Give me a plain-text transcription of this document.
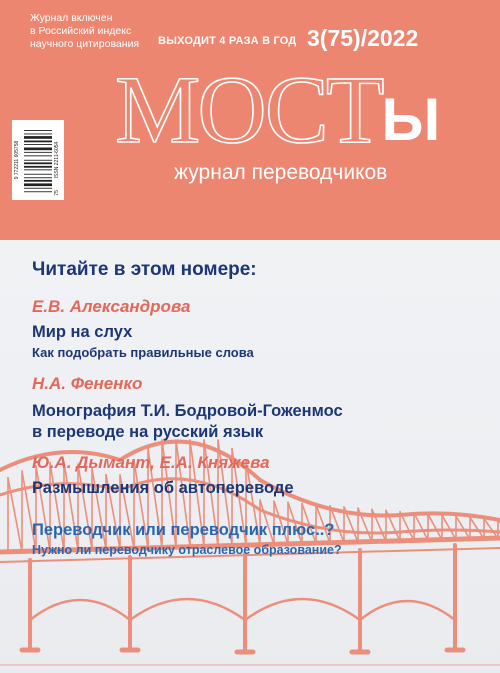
Журнал включен
в Российский индекс
научного цитирования	ВЫХОДИТ 4 РАЗА В ГОД 3(75)/2022
ISSN 2211-6054
9 772211 605758
75
МОСТЫ
журнал переводчиков
Читайте в этом номере:
Е.В. Александрова
Мир на слух
Как подобрать правильные слова
Н.А. Фененко
Монография Т.И. Бодровой-Гоженмос
в переводе на русский язык
Ю.А. Дымант, Е.А. Княжева
Размышления об автопереводе
Переводчик или переводчик плюс..?
Нужно ли переводчику отраслевое образование?
